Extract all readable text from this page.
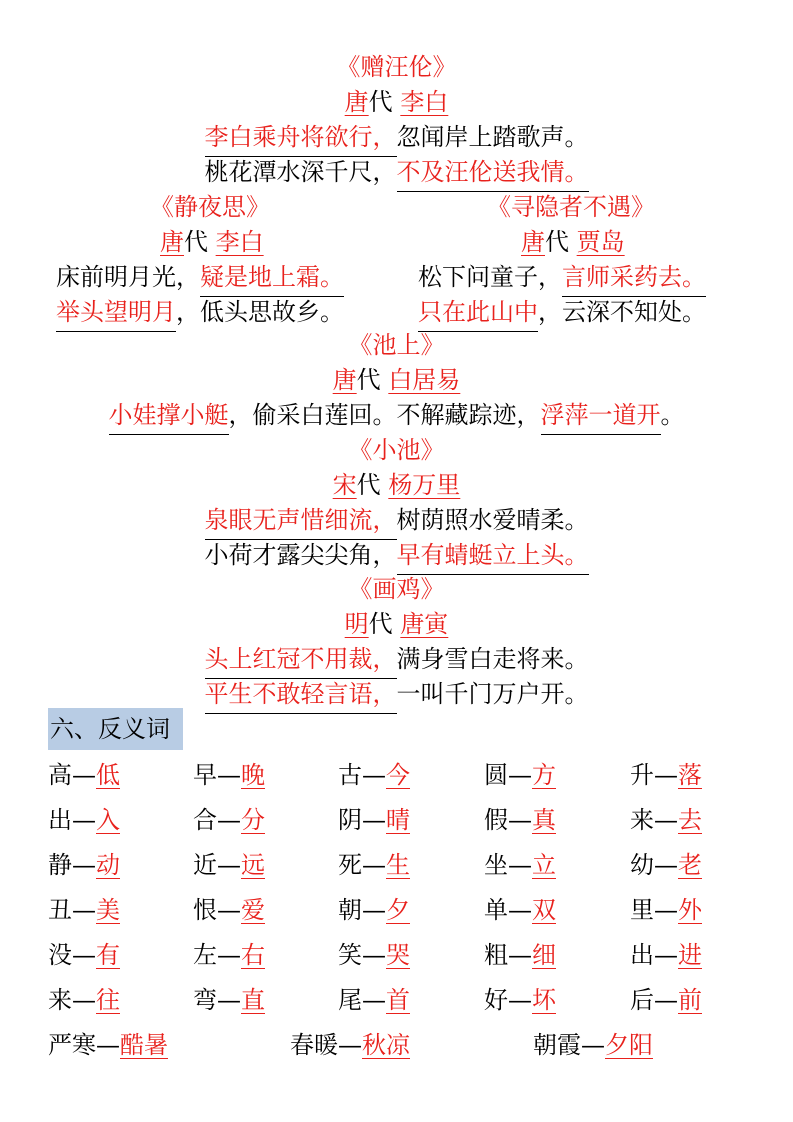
《赠汪伦》
唐代 李白
李白乘舟将欲行，忽闻岸上踏歌声。
桃花潭水深千尺，不及汪伦送我情。
《静夜思》
唐代 李白
床前明月光，疑是地上霜。
举头望明月，低头思故乡。
《寻隐者不遇》
唐代 贾岛
松下问童子，言师采药去。
只在此山中，云深不知处。
《池上》
唐代 白居易
小娃撑小艇，偷采白莲回。不解藏踪迹，浮萍一道开。
《小池》
宋代 杨万里
泉眼无声惜细流，树荫照水爱晴柔。
小荷才露尖尖角，早有蜻蜓立上头。
《画鸡》
明代 唐寅
头上红冠不用裁，满身雪白走将来。
平生不敢轻言语，一叫千门万户开。
六、反义词
高—低	早—晚	古—今	圆—方	升—落
出—入	合—分	阴—晴	假—真	来—去
静—动	近—远	死—生	坐—立	幼—老
丑—美	恨—爱	朝—夕	单—双	里—外
没—有	左—右	笑—哭	粗—细	出—进
来—往	弯—直	尾—首	好—坏	后—前
严寒—酷暑	春暖—秋凉	朝霞—夕阳
